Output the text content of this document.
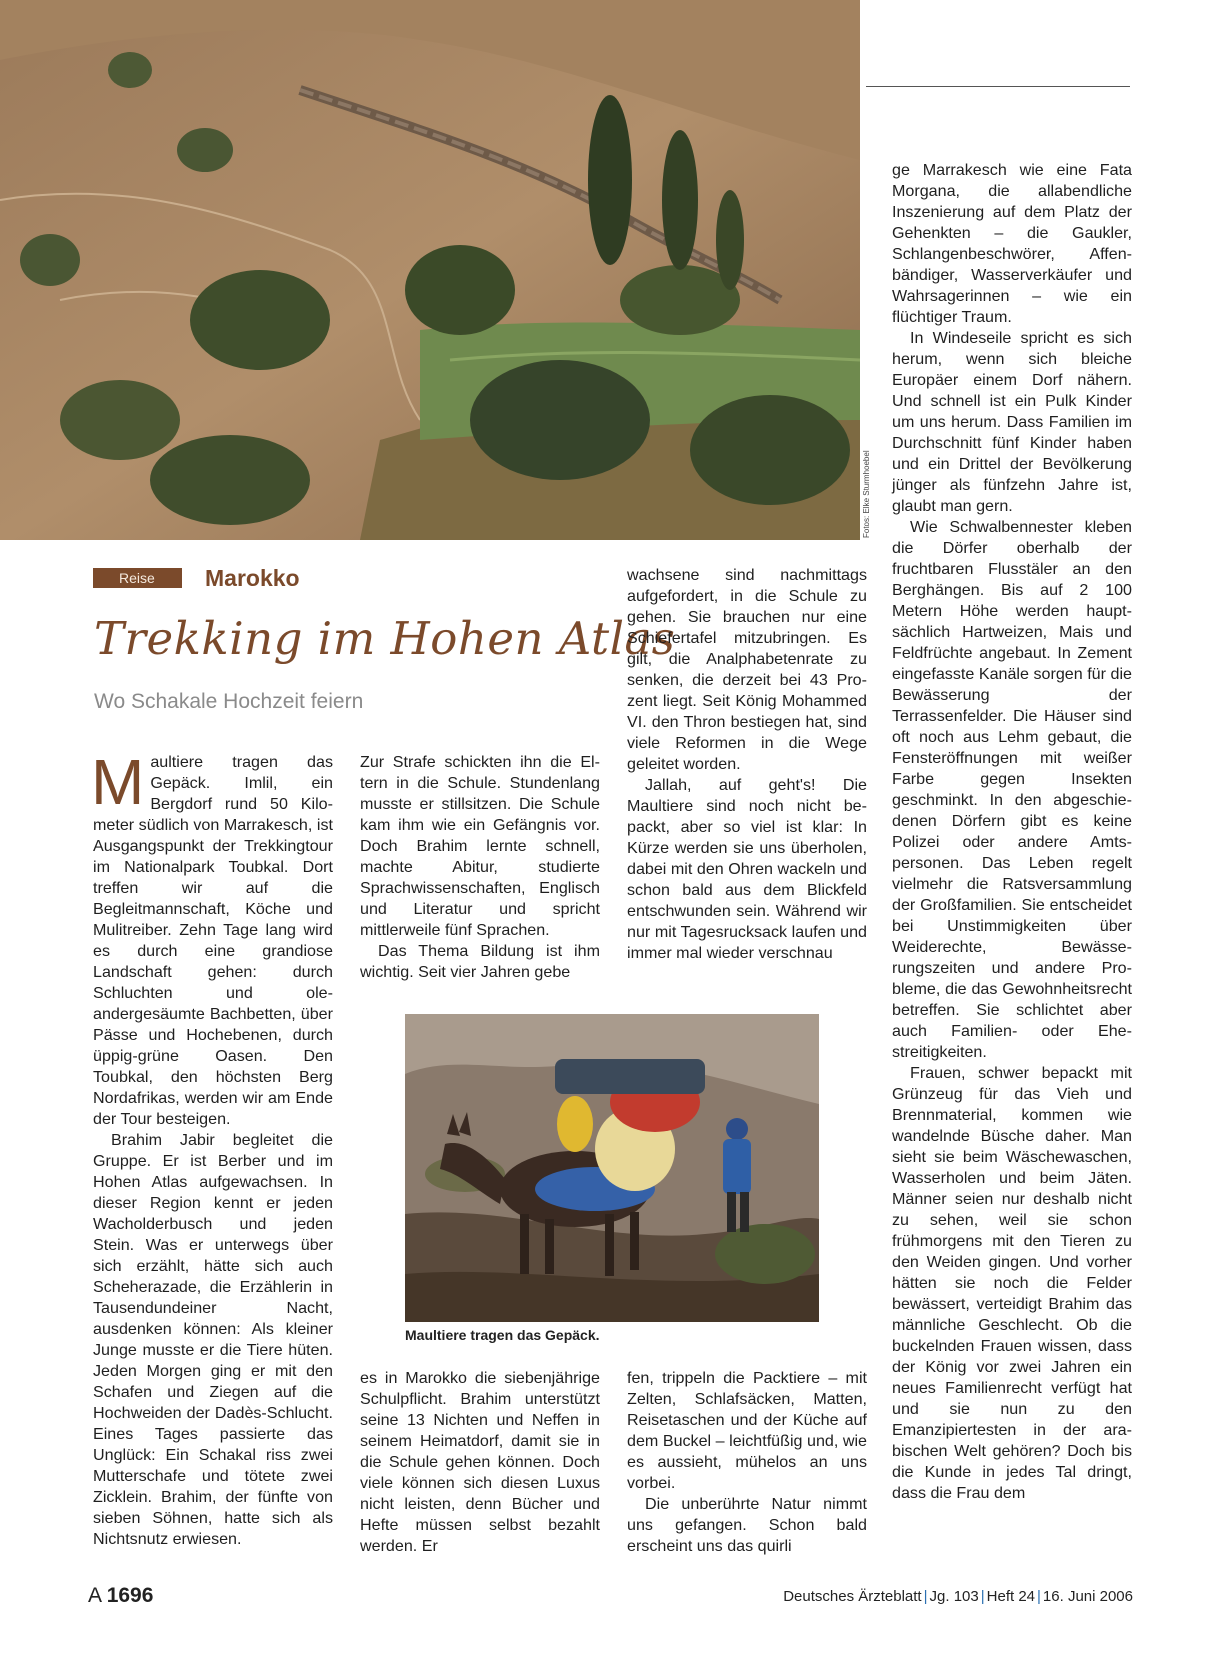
Fotos: Elke Sturmhoebel
Reise	Marokko
Trekking im Hohen Atlas
Wo Schakale Hochzeit feiern

Maultiere tragen das Gepäck. Imlil, ein Bergdorf rund 50 Kilometer südlich von Marrakesch, ist Ausgangspunkt der Trekkingtour im Nationalpark Toubkal. Dort treffen wir auf die Begleitmannschaft, Köche und Mulitreiber. Zehn Tage lang wird es durch eine grandiose Landschaft gehen: durch Schluchten und oleandergesäumte Bachbetten, über Pässe und Hochebenen, durch üppig-grüne Oasen. Den Toubkal, den höchsten Berg Nordafrikas, werden wir am Ende der Tour besteigen.

Brahim Jabir begleitet die Gruppe. Er ist Berber und im Hohen Atlas aufgewachsen. In dieser Region kennt er jeden Wacholderbusch und jeden Stein. Was er unterwegs über sich erzählt, hätte sich auch Scheherazade, die Erzählerin in Tausendundeiner Nacht, ausdenken können: Als kleiner Junge musste er die Tiere hüten. Jeden Morgen ging er mit den Schafen und Ziegen auf die Hochweiden der Dadès-Schlucht. Eines Tages passierte das Unglück: Ein Schakal riss zwei Mutterschafe und tötete zwei Zicklein. Brahim, der fünfte von sieben Söhnen, hatte sich als Nichtsnutz erwiesen.

Zur Strafe schickten ihn die Eltern in die Schule. Stundenlang musste er stillsitzen. Die Schule kam ihm wie ein Gefängnis vor. Doch Brahim lernte schnell, machte Abitur, studierte Sprachwissenschaften, Englisch und Literatur und spricht mittlerweile fünf Sprachen.

Das Thema Bildung ist ihm wichtig. Seit vier Jahren gebe

es in Marokko die siebenjährige Schulpflicht. Brahim unterstützt seine 13 Nichten und Neffen in seinem Heimatdorf, damit sie in die Schule gehen können. Doch viele können sich diesen Luxus nicht leisten, denn Bücher und Hefte müssen selbst bezahlt werden. Er

wachsene sind nachmittags aufgefordert, in die Schule zu gehen. Sie brauchen nur eine Schiefertafel mitzubringen. Es gilt, die Analphabetenrate zu senken, die derzeit bei 43 Prozent liegt. Seit König Mohammed VI. den Thron bestiegen hat, sind viele Reformen in die Wege geleitet worden.

Jallah, auf geht's! Die Maultiere sind noch nicht bepackt, aber so viel ist klar: In Kürze werden sie uns überholen, dabei mit den Ohren wackeln und schon bald aus dem Blickfeld entschwunden sein. Während wir nur mit Tagesrucksack laufen und immer mal wieder verschnau

fen, trippeln die Packtiere – mit Zelten, Schlafsäcken, Matten, Reisetaschen und der Küche auf dem Buckel – leichtfüßig und, wie es aussieht, mühelos an uns vorbei.

Die unberührte Natur nimmt uns gefangen. Schon bald erscheint uns das quirli

ge Marrakesch wie eine Fata Morgana, die allabendliche Inszenierung auf dem Platz der Gehenkten – die Gaukler, Schlangenbeschwörer, Affenbändiger, Wasserverkäufer und Wahrsagerinnen – wie ein flüchtiger Traum.

In Windeseile spricht es sich herum, wenn sich bleiche Europäer einem Dorf nähern. Und schnell ist ein Pulk Kinder um uns herum. Dass Familien im Durchschnitt fünf Kinder haben und ein Drittel der Bevölkerung jünger als fünfzehn Jahre ist, glaubt man gern.

Wie Schwalbennester kleben die Dörfer oberhalb der fruchtbaren Flusstäler an den Berghängen. Bis auf 2 100 Metern Höhe werden hauptsächlich Hartweizen, Mais und Feldfrüchte angebaut. In Zement eingefasste Kanäle sorgen für die Bewässerung der Terrassenfelder. Die Häuser sind oft noch aus Lehm gebaut, die Fensteröffnungen mit weißer Farbe gegen Insekten geschminkt. In den abgeschiedenen Dörfern gibt es keine Polizei oder andere Amtspersonen. Das Leben regelt vielmehr die Ratsversammlung der Großfamilien. Sie entscheidet bei Unstimmigkeiten über Weiderechte, Bewässerungszeiten und andere Probleme, die das Gewohnheitsrecht betreffen. Sie schlichtet aber auch Familien- oder Ehestreitigkeiten.

Frauen, schwer bepackt mit Grünzeug für das Vieh und Brennmaterial, kommen wie wandelnde Büsche daher. Man sieht sie beim Wäschewaschen, Wasserholen und beim Jäten. Männer seien nur deshalb nicht zu sehen, weil sie schon frühmorgens mit den Tieren zu den Weiden gingen. Und vorher hätten sie noch die Felder bewässert, verteidigt Brahim das männliche Geschlecht. Ob die buckelnden Frauen wissen, dass der König vor zwei Jahren ein neues Familienrecht verfügt hat und sie nun zu den Emanzipiertesten in der arabischen Welt gehören? Doch bis die Kunde in jedes Tal dringt, dass die Frau dem

Maultiere tragen das Gepäck.
A 1696	Deutsches Ärzteblatt | Jg. 103 | Heft 24 | 16. Juni 2006
